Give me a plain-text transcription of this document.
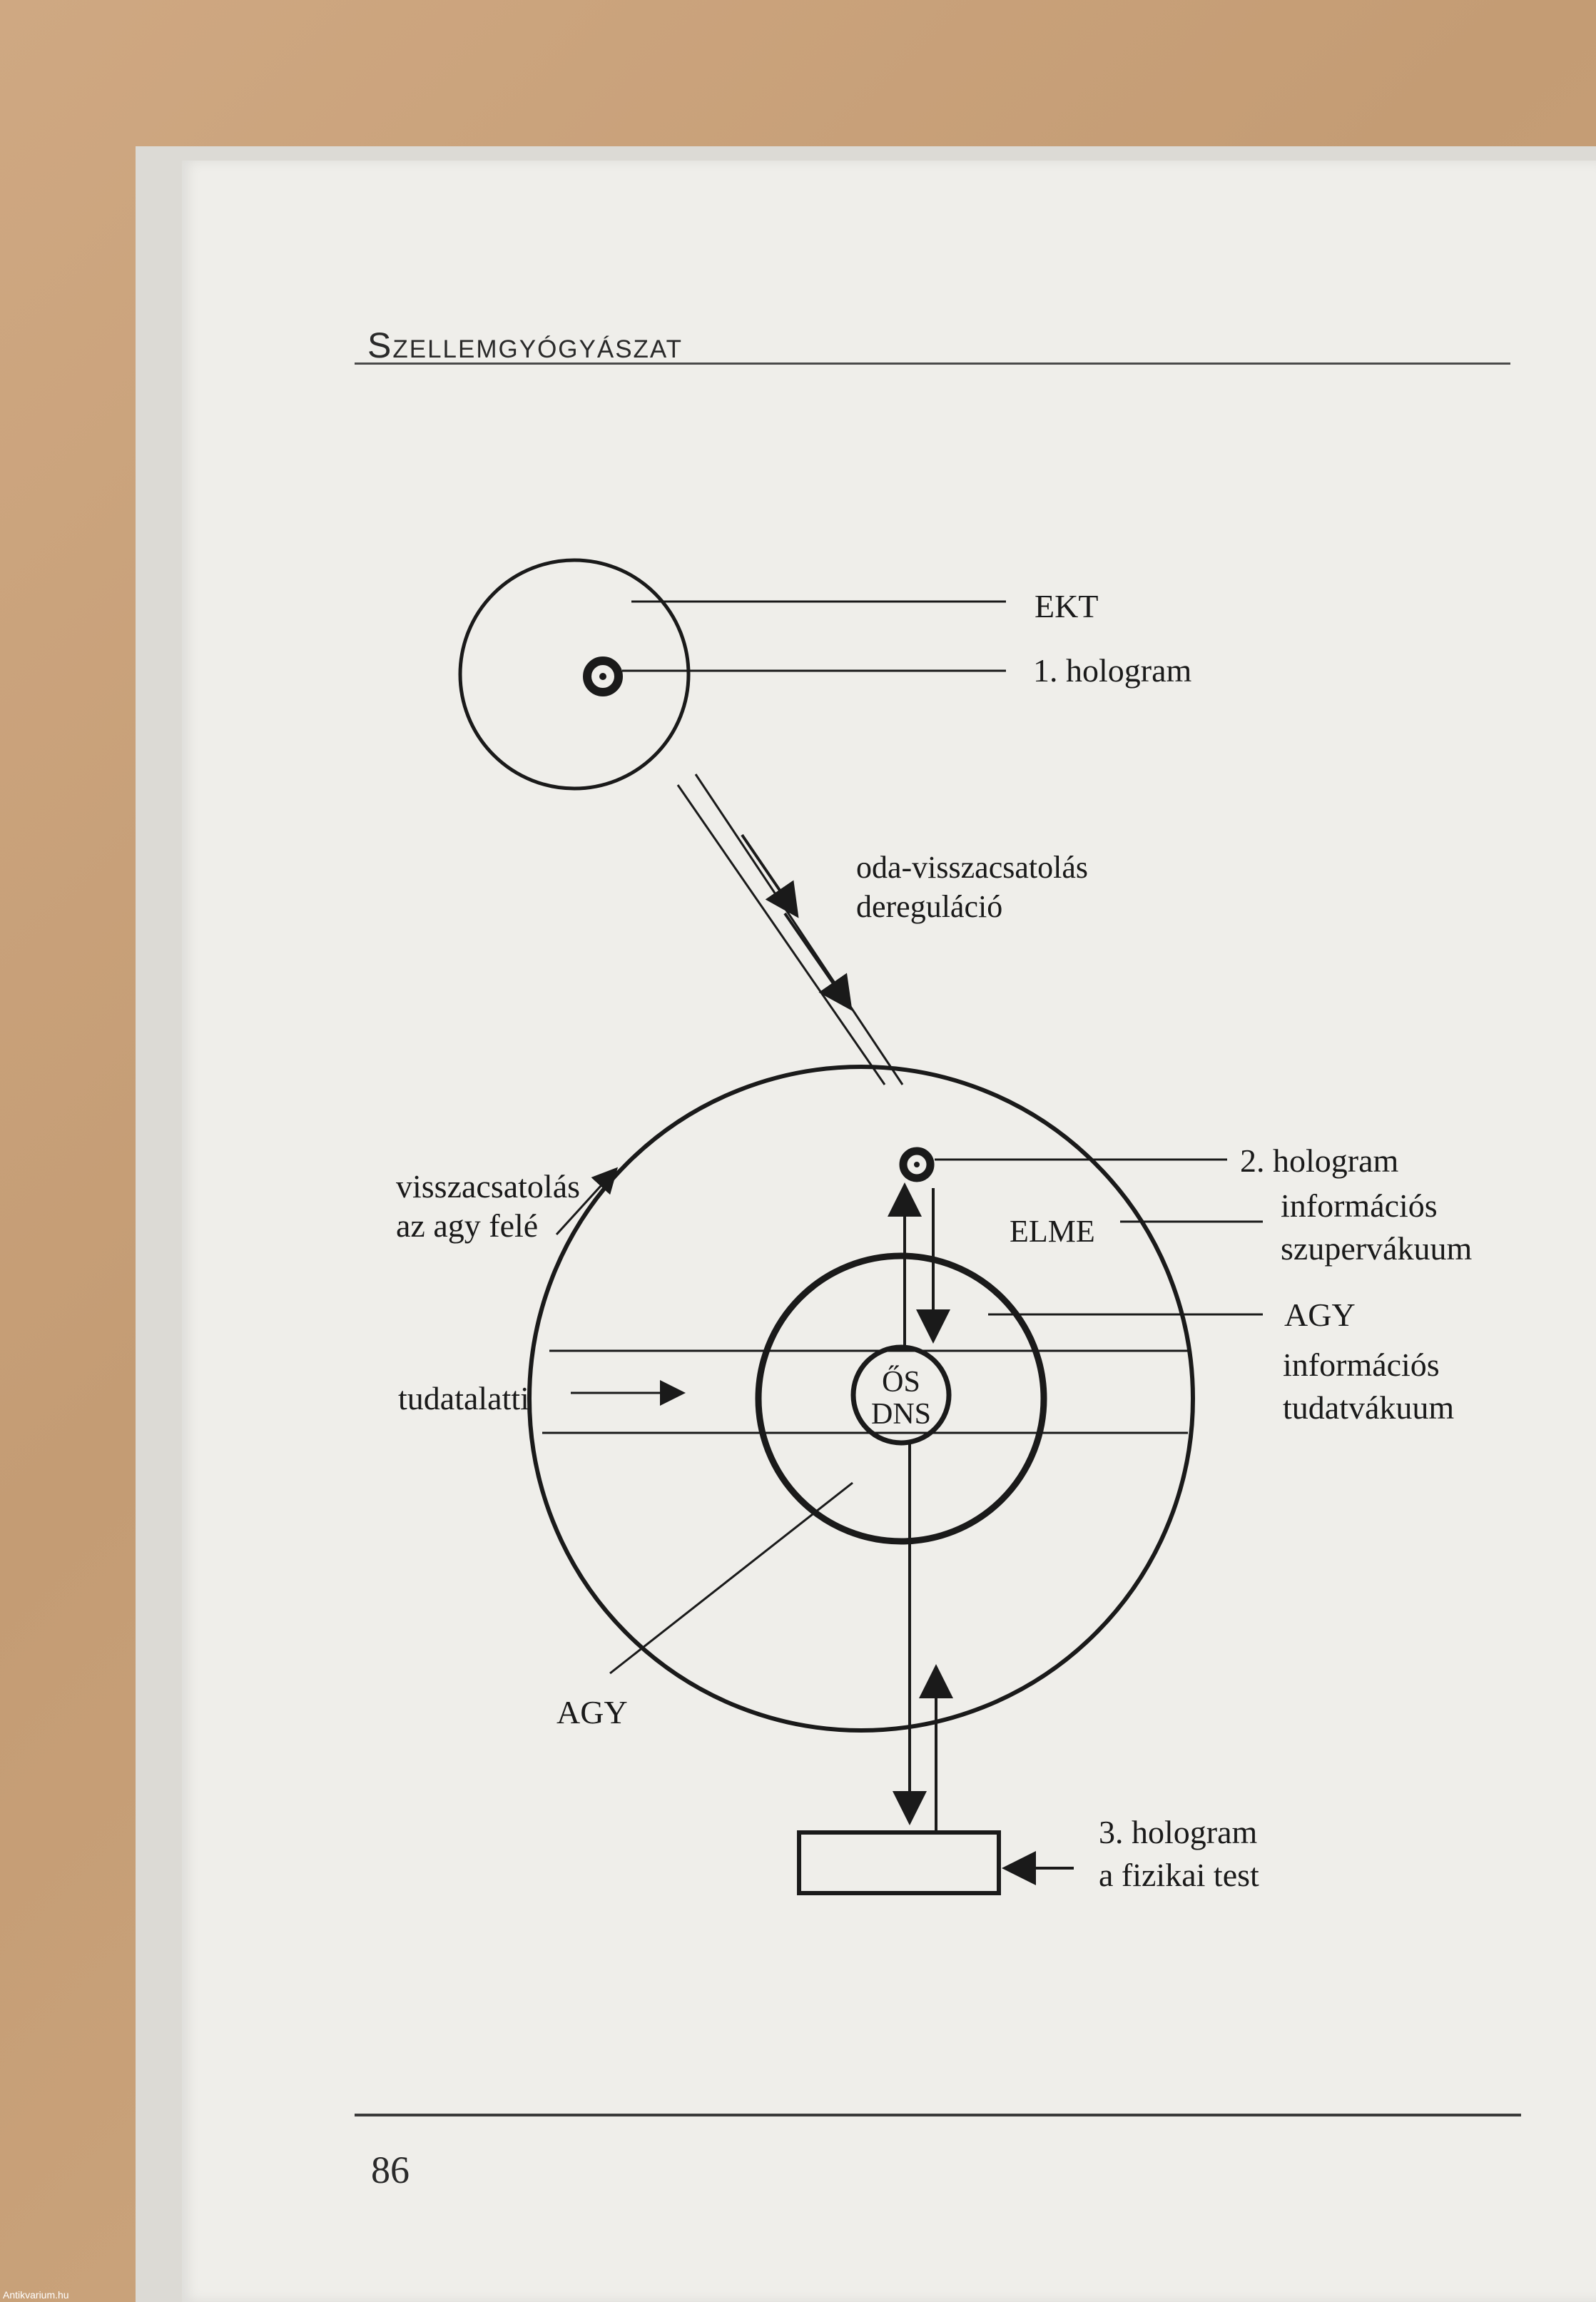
Szellemgyógyászat
EKT
1. hologram
oda-visszacsatolás
dereguláció
ŐS
DNS
2. hologram
információs
szupervákuum
ELME
AGY
információs
tudatvákuum
visszacsatolás
az agy felé
tudatalatti
AGY
3. hologram
a fizikai test
86
Antikvarium.hu
